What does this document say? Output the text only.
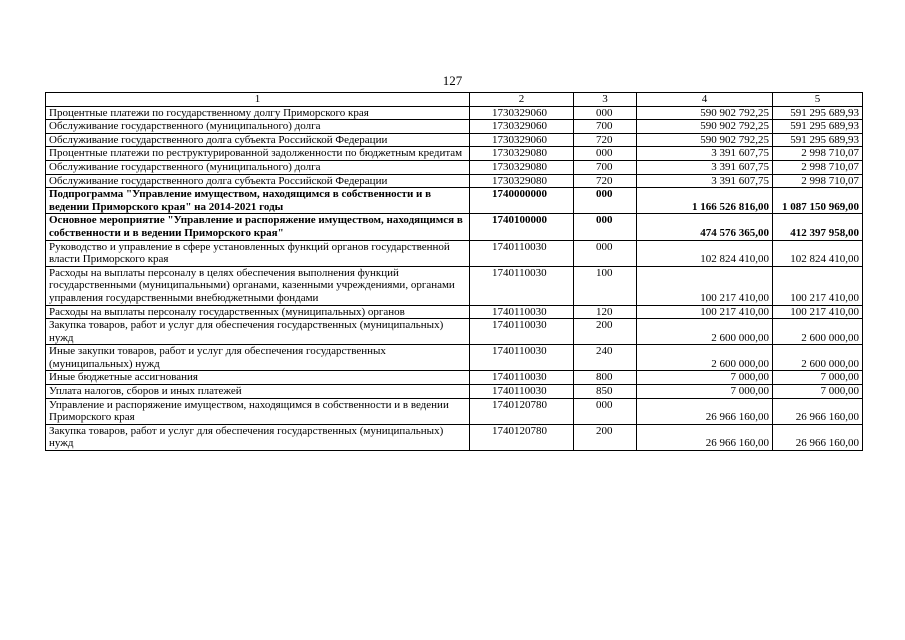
127
1	2	3	4	5
Процентные платежи по государственному долгу Приморского края	1730329060	000	590 902 792,25	591 295 689,93
Обслуживание государственного (муниципального) долга	1730329060	700	590 902 792,25	591 295 689,93
Обслуживание государственного долга субъекта Российской Федерации	1730329060	720	590 902 792,25	591 295 689,93
Процентные платежи по реструктурированной задолженности по бюджетным кредитам	1730329080	000	3 391 607,75	2 998 710,07
Обслуживание государственного (муниципального) долга	1730329080	700	3 391 607,75	2 998 710,07
Обслуживание государственного долга субъекта Российской Федерации	1730329080	720	3 391 607,75	2 998 710,07
Подпрограмма "Управление имуществом, находящимся в собственности и в ведении Приморского края" на 2014-2021 годы	1740000000	000	1 166 526 816,00	1 087 150 969,00
Основное мероприятие "Управление и распоряжение имуществом, находящимся в собственности и в ведении Приморского края"	1740100000	000	474 576 365,00	412 397 958,00
Руководство и управление в сфере установленных функций органов государственной власти Приморского края	1740110030	000	102 824 410,00	102 824 410,00
Расходы на выплаты персоналу в целях обеспечения выполнения функций государственными (муниципальными) органами, казенными учреждениями, органами управления государственными внебюджетными фондами	1740110030	100	100 217 410,00	100 217 410,00
Расходы на выплаты персоналу государственных (муниципальных) органов	1740110030	120	100 217 410,00	100 217 410,00
Закупка товаров, работ и услуг для обеспечения государственных (муниципальных) нужд	1740110030	200	2 600 000,00	2 600 000,00
Иные закупки товаров, работ и услуг для обеспечения государственных (муниципальных) нужд	1740110030	240	2 600 000,00	2 600 000,00
Иные бюджетные ассигнования	1740110030	800	7 000,00	7 000,00
Уплата налогов, сборов и иных платежей	1740110030	850	7 000,00	7 000,00
Управление и распоряжение имуществом, находящимся в собственности и в ведении Приморского края	1740120780	000	26 966 160,00	26 966 160,00
Закупка товаров, работ и услуг для обеспечения государственных (муниципальных) нужд	1740120780	200	26 966 160,00	26 966 160,00
